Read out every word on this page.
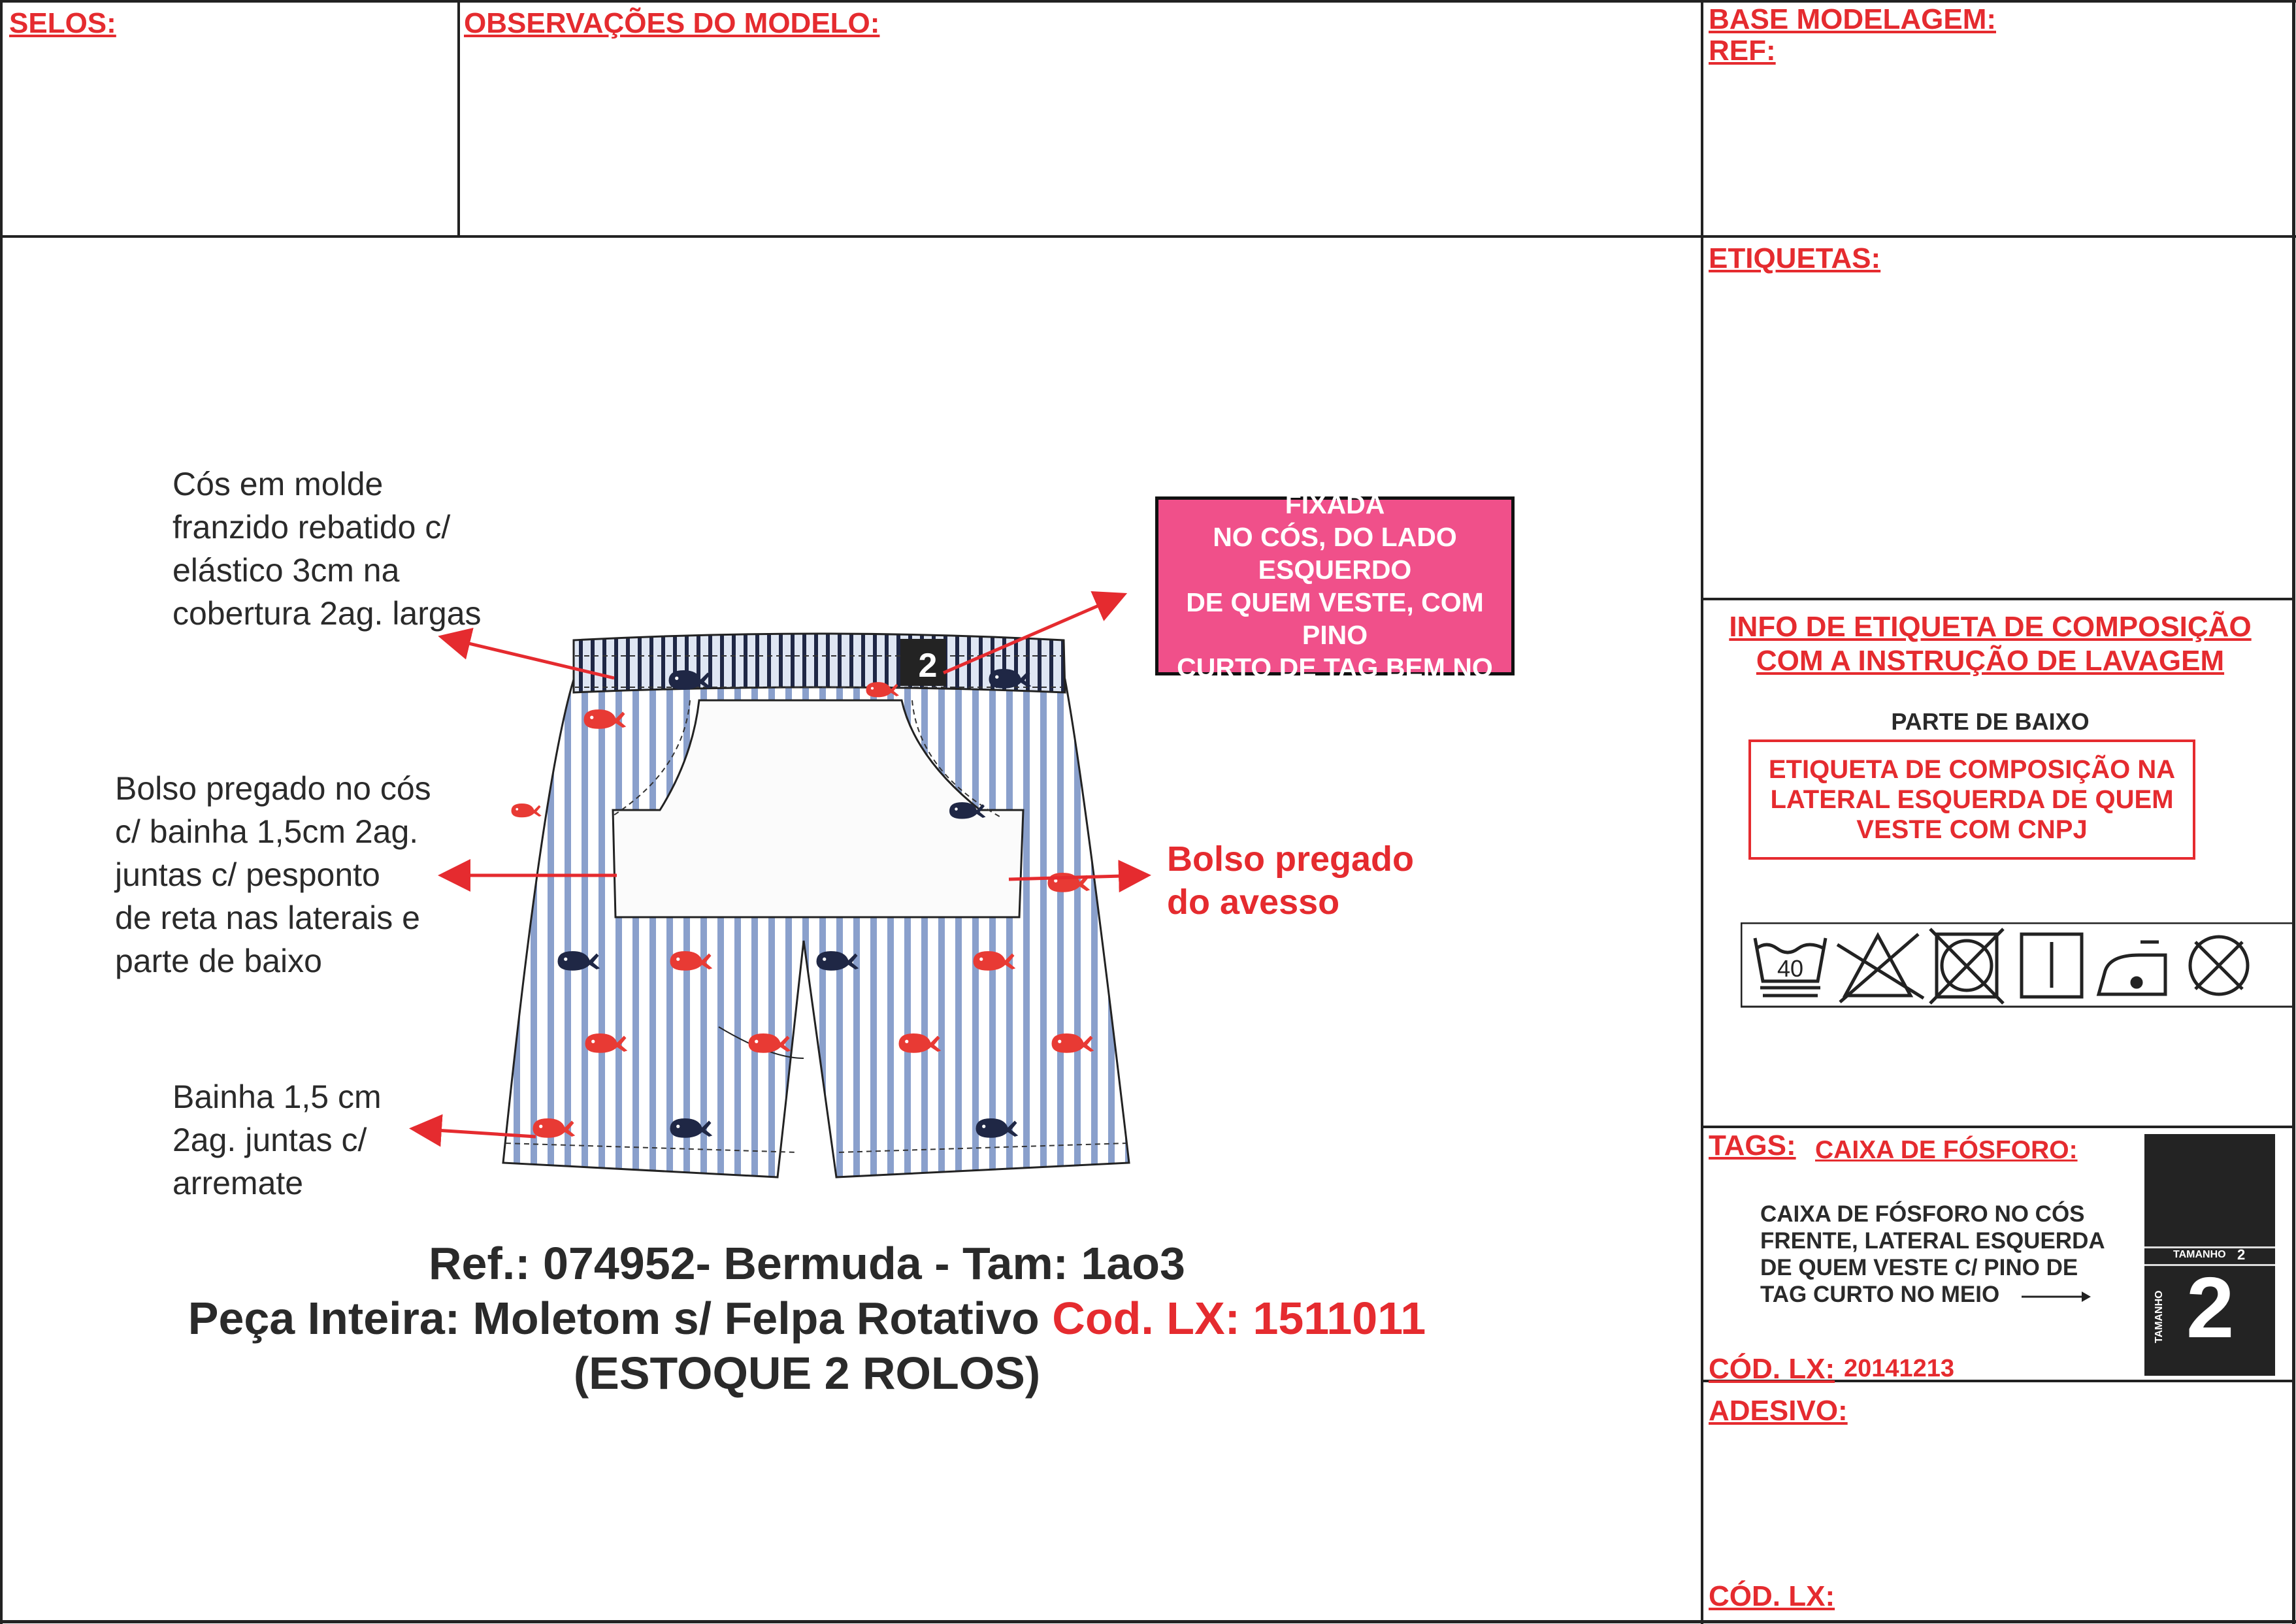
SELOS:	OBSERVAÇÕES DO MODELO:	BASE MODELAGEM:
REF:
ETIQUETAS:
INFO DE ETIQUETA DE COMPOSIÇÃO
COM A INSTRUÇÃO DE LAVAGEM
TAGS: CAIXA DE FÓSFORO:
CÓD. LX: 20141213
ADESIVO:
CÓD. LX:
PARTE DE BAIXO
ETIQUETA DE COMPOSIÇÃO NA
LATERAL ESQUERDA DE QUEM
VESTE COM CNPJ
40
CAIXA DE FÓSFORO NO CÓS
FRENTE, LATERAL ESQUERDA
DE QUEM VESTE C/ PINO DE
TAG CURTO NO MEIO
TAMANHO 2
TAMANHO 2
CAIXA DE FÓSFORO FIXADA
NO CÓS, DO LADO ESQUERDO
DE QUEM VESTE, COM PINO
CURTO DE TAG BEM NO CENTRO
Cós em molde
franzido rebatido c/
elástico 3cm na
cobertura 2ag. largas
Bolso pregado no cós
c/ bainha 1,5cm 2ag.
juntas c/ pesponto
de reta nas laterais e
parte de baixo
Bainha 1,5 cm
2ag. juntas c/
arremate
Bolso pregado
do avesso
2
Ref.: 074952- Bermuda - Tam: 1ao3
Peça Inteira: Moletom s/ Felpa Rotativo Cod. LX: 1511011
(ESTOQUE 2 ROLOS)
